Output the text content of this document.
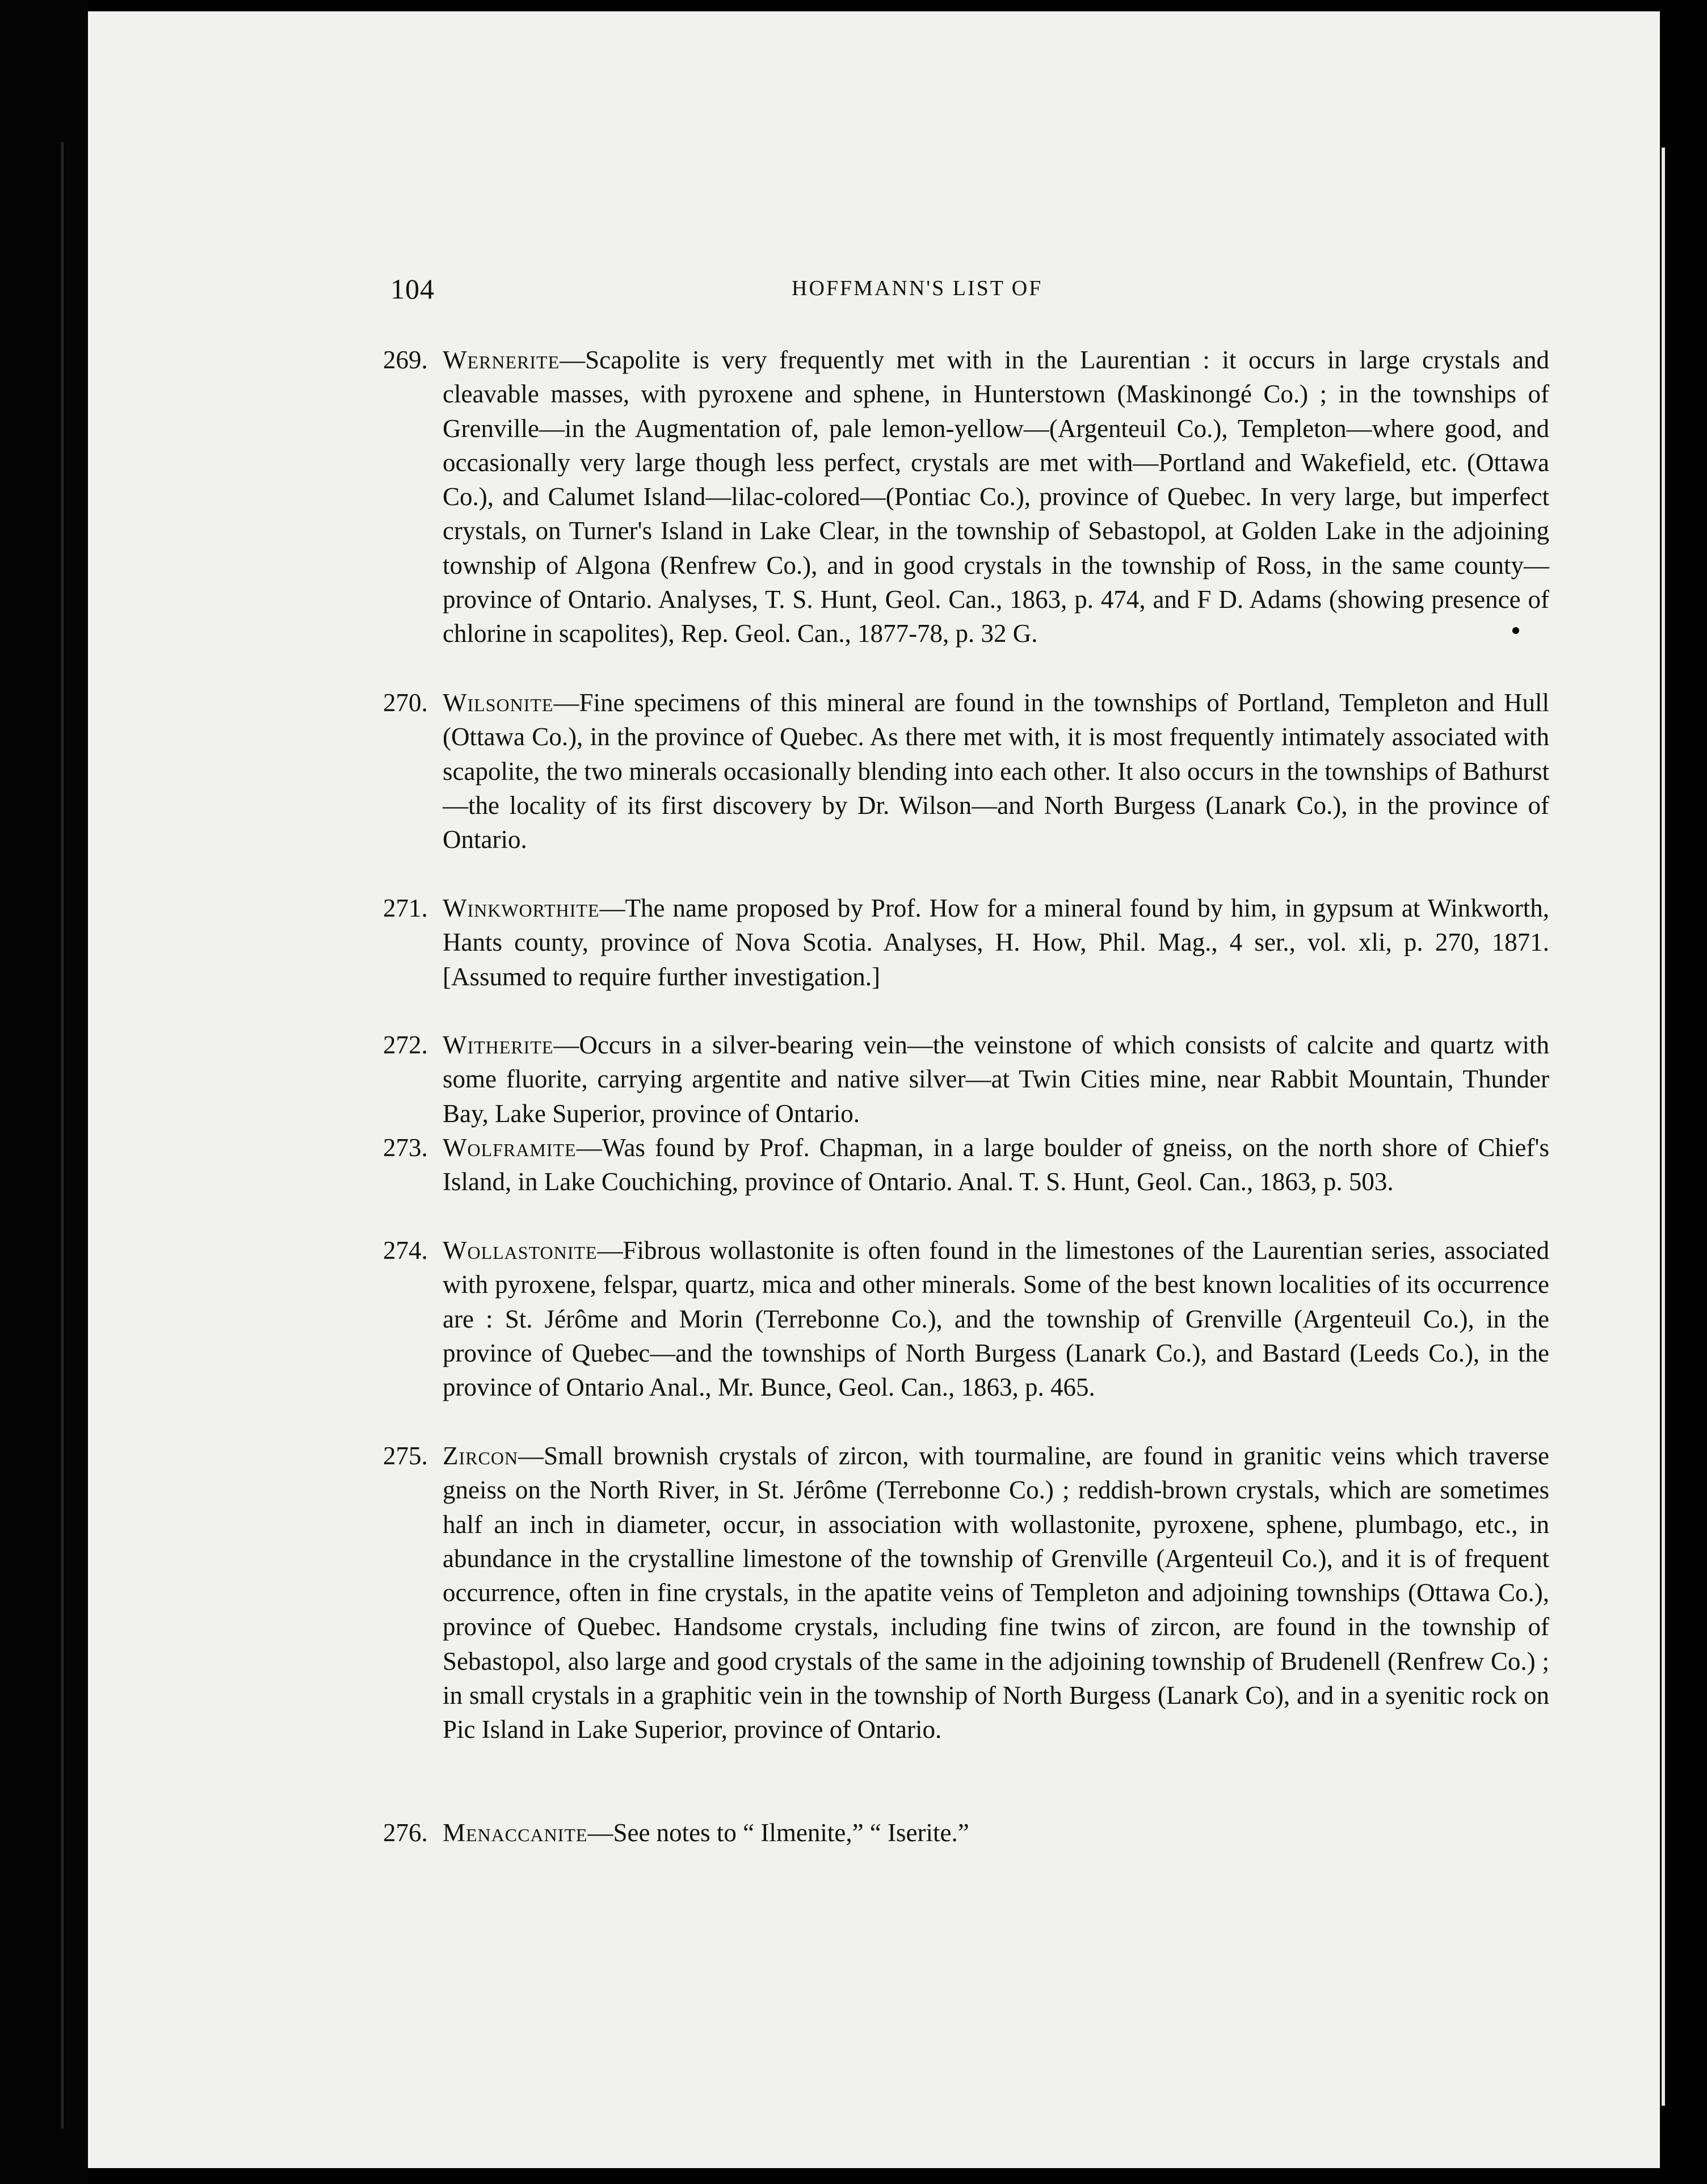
104	HOFFMANN'S LIST OF
269. Wernerite—Scapolite is very frequently met with in the Laurentian : it occurs in large crystals and cleavable masses, with pyroxene and sphene, in Hunterstown (Maskinongé Co.) ; in the townships of Grenville—in the Augmentation of, pale lemon-yellow—(Argenteuil Co.), Templeton—where good, and occasionally very large though less perfect, crystals are met with—Portland and Wakefield, etc. (Ottawa Co.), and Calumet Island—lilac-colored—(Pontiac Co.), province of Quebec. In very large, but imperfect crystals, on Turner's Island in Lake Clear, in the township of Sebastopol, at Golden Lake in the adjoining township of Algona (Renfrew Co.), and in good crystals in the township of Ross, in the same county—province of Ontario. Analyses, T. S. Hunt, Geol. Can., 1863, p. 474, and F D. Adams (showing presence of chlorine in scapolites), Rep. Geol. Can., 1877-78, p. 32 G.
270. Wilsonite—Fine specimens of this mineral are found in the townships of Portland, Templeton and Hull (Ottawa Co.), in the province of Quebec. As there met with, it is most frequently intimately associated with scapolite, the two minerals occasionally blending into each other. It also occurs in the townships of Bathurst—the locality of its first discovery by Dr. Wilson—and North Burgess (Lanark Co.), in the province of Ontario.
271. Winkworthite—The name proposed by Prof. How for a mineral found by him, in gypsum at Winkworth, Hants county, province of Nova Scotia. Analyses, H. How, Phil. Mag., 4 ser., vol. xli, p. 270, 1871. [Assumed to require further investigation.]
272. Witherite—Occurs in a silver-bearing vein—the veinstone of which consists of calcite and quartz with some fluorite, carrying argentite and native silver—at Twin Cities mine, near Rabbit Mountain, Thunder Bay, Lake Superior, province of Ontario.
273. Wolframite—Was found by Prof. Chapman, in a large boulder of gneiss, on the north shore of Chief's Island, in Lake Couchiching, province of Ontario. Anal. T. S. Hunt, Geol. Can., 1863, p. 503.
274. Wollastonite—Fibrous wollastonite is often found in the limestones of the Laurentian series, associated with pyroxene, felspar, quartz, mica and other minerals. Some of the best known localities of its occurrence are : St. Jérôme and Morin (Terrebonne Co.), and the township of Grenville (Argenteuil Co.), in the province of Quebec—and the townships of North Burgess (Lanark Co.), and Bastard (Leeds Co.), in the province of Ontario Anal., Mr. Bunce, Geol. Can., 1863, p. 465.
275. Zircon—Small brownish crystals of zircon, with tourmaline, are found in granitic veins which traverse gneiss on the North River, in St. Jérôme (Terrebonne Co.) ; reddish-brown crystals, which are sometimes half an inch in diameter, occur, in association with wollastonite, pyroxene, sphene, plumbago, etc., in abundance in the crystalline limestone of the township of Grenville (Argenteuil Co.), and it is of frequent occurrence, often in fine crystals, in the apatite veins of Templeton and adjoining townships (Ottawa Co.), province of Quebec. Handsome crystals, including fine twins of zircon, are found in the township of Sebastopol, also large and good crystals of the same in the adjoining township of Brudenell (Renfrew Co.) ; in small crystals in a graphitic vein in the township of North Burgess (Lanark Co), and in a syenitic rock on Pic Island in Lake Superior, province of Ontario.
276. Menaccanite—See notes to “ Ilmenite,” “ Iserite.”
